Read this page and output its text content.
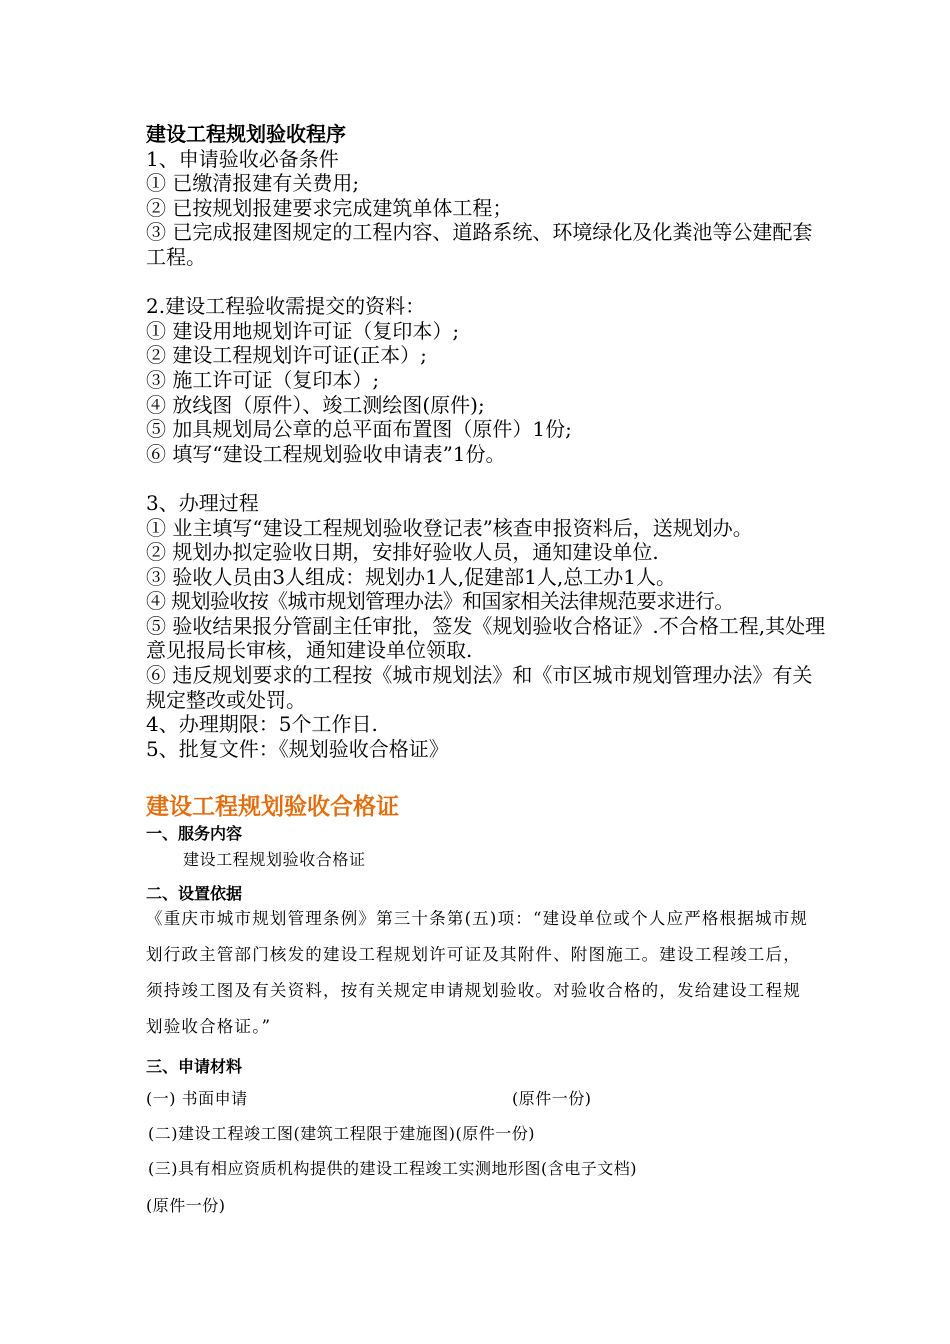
建设工程规划验收程序
1、申请验收必备条件
① 已缴清报建有关费用;
② 已按规划报建要求完成建筑单体工程；
③ 已完成报建图规定的工程内容、道路系统、环境绿化及化粪池等公建配套工程。
2.建设工程验收需提交的资料：
① 建设用地规划许可证（复印本）;
② 建设工程规划许可证(正本）;
③ 施工许可证（复印本）;
④ 放线图（原件）、竣工测绘图(原件);
⑤ 加具规划局公章的总平面布置图（原件）1份;
⑥ 填写“建设工程规划验收申请表”1份。
3、办理过程
① 业主填写“建设工程规划验收登记表”核查申报资料后，送规划办。
② 规划办拟定验收日期，安排好验收人员，通知建设单位.
③ 验收人员由3人组成：规划办1人,促建部1人,总工办1人。
④ 规划验收按《城市规划管理办法》和国家相关法律规范要求进行。
⑤ 验收结果报分管副主任审批，签发《规划验收合格证》.不合格工程,其处理意见报局长审核，通知建设单位领取.
⑥ 违反规划要求的工程按《城市规划法》和《市区城市规划管理办法》有关规定整改或处罚。
4、办理期限：5个工作日.
5、批复文件：《规划验收合格证》
建设工程规划验收合格证
一、服务内容
建设工程规划验收合格证
二、设置依据
《重庆市城市规划管理条例》第三十条第(五)项：“建设单位或个人应严格根据城市规划行政主管部门核发的建设工程规划许可证及其附件、附图施工。建设工程竣工后，须持竣工图及有关资料，按有关规定申请规划验收。对验收合格的，发给建设工程规划验收合格证。”
三、申请材料
(一) 书面申请	(原件一份)
(二)建设工程竣工图(建筑工程限于建施图)(原件一份)
(三)具有相应资质机构提供的建设工程竣工实测地形图(含电子文档)
(原件一份)
